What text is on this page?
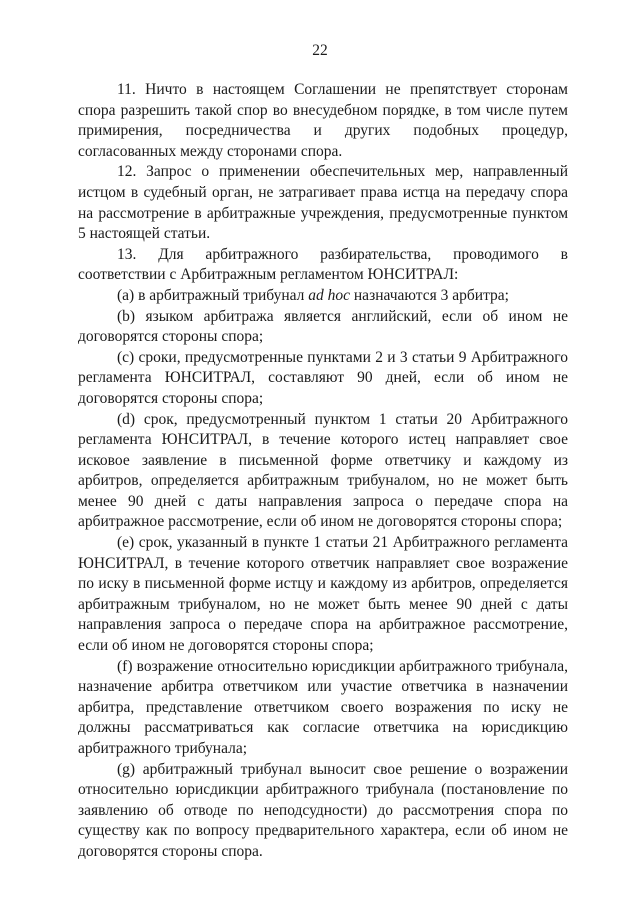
22

11. Ничто в настоящем Соглашении не препятствует сторонам спора разрешить такой спор во внесудебном порядке, в том числе путем примирения, посредничества и других подобных процедур, согласованных между сторонами спора.

12. Запрос о применении обеспечительных мер, направленный истцом в судебный орган, не затрагивает права истца на передачу спора на рассмотрение в арбитражные учреждения, предусмотренные пунктом 5 настоящей статьи.

13. Для арбитражного разбирательства, проводимого в соответствии с Арбитражным регламентом ЮНСИТРАЛ:

(a) в арбитражный трибунал ad hoc назначаются 3 арбитра;

(b) языком арбитража является английский, если об ином не договорятся стороны спора;

(c) сроки, предусмотренные пунктами 2 и 3 статьи 9 Арбитражного регламента ЮНСИТРАЛ, составляют 90 дней, если об ином не договорятся стороны спора;

(d) срок, предусмотренный пунктом 1 статьи 20 Арбитражного регламента ЮНСИТРАЛ, в течение которого истец направляет свое исковое заявление в письменной форме ответчику и каждому из арбитров, определяется арбитражным трибуналом, но не может быть менее 90 дней с даты направления запроса о передаче спора на арбитражное рассмотрение, если об ином не договорятся стороны спора;

(e) срок, указанный в пункте 1 статьи 21 Арбитражного регламента ЮНСИТРАЛ, в течение которого ответчик направляет свое возражение по иску в письменной форме истцу и каждому из арбитров, определяется арбитражным трибуналом, но не может быть менее 90 дней с даты направления запроса о передаче спора на арбитражное рассмотрение, если об ином не договорятся стороны спора;

(f) возражение относительно юрисдикции арбитражного трибунала, назначение арбитра ответчиком или участие ответчика в назначении арбитра, представление ответчиком своего возражения по иску не должны рассматриваться как согласие ответчика на юрисдикцию арбитражного трибунала;

(g) арбитражный трибунал выносит свое решение о возражении относительно юрисдикции арбитражного трибунала (постановление по заявлению об отводе по неподсудности) до рассмотрения спора по существу как по вопросу предварительного характера, если об ином не договорятся стороны спора.
